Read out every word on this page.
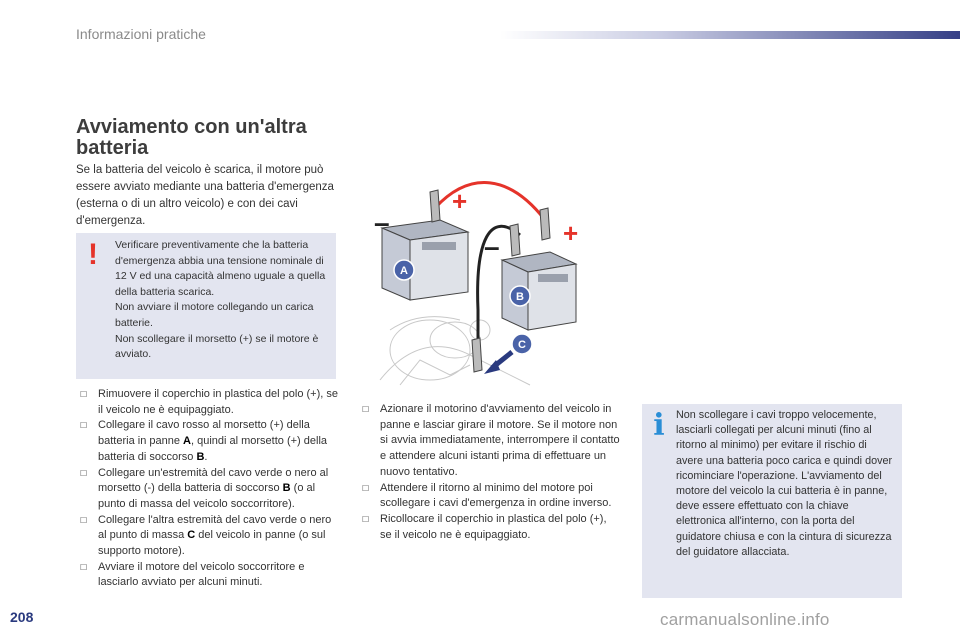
Informazioni pratiche
Avviamento con un'altra batteria

Se la batteria del veicolo è scarica, il motore può essere avviato mediante una batteria d'emergenza (esterna o di un altro veicolo) e con dei cavi d'emergenza.

!	Verificare preventivamente che la batteria d'emergenza abbia una tensione nominale di 12 V ed una capacità almeno uguale a quella della batteria scarica.
Non avviare il motore collegando un carica batterie.
Non scollegare il morsetto (+) se il motore è avviato.
☐ Rimuovere il coperchio in plastica del polo (+), se il veicolo ne è equipaggiato.
☐ Collegare il cavo rosso al morsetto (+) della batteria in panne A, quindi al morsetto (+) della batteria di soccorso B.
☐ Collegare un'estremità del cavo verde o nero al morsetto (-) della batteria di soccorso B (o al punto di massa del veicolo soccorritore).
☐ Collegare l'altra estremità del cavo verde o nero al punto di massa C del veicolo in panne (o sul supporto motore).
☐ Avviare il motore del veicolo soccorritore e lasciarlo avviato per alcuni minuti.
+
+
–
–
A
B
C
☐ Azionare il motorino d'avviamento del veicolo in panne e lasciar girare il motore. Se il motore non si avvia immediatamente, interrompere il contatto e attendere alcuni istanti prima di effettuare un nuovo tentativo.
☐ Attendere il ritorno al minimo del motore poi scollegare i cavi d'emergenza in ordine inverso.
☐ Ricollocare il coperchio in plastica del polo (+), se il veicolo ne è equipaggiato.
i Non scollegare i cavi troppo velocemente, lasciarli collegati per alcuni minuti (fino al ritorno al minimo) per evitare il rischio di avere una batteria poco carica e quindi dover ricominciare l'operazione. L'avviamento del motore del veicolo la cui batteria è in panne, deve essere effettuato con la chiave elettronica all'interno, con la porta del guidatore chiusa e con la cintura di sicurezza del guidatore allacciata.

208	carmanualsonline.info
